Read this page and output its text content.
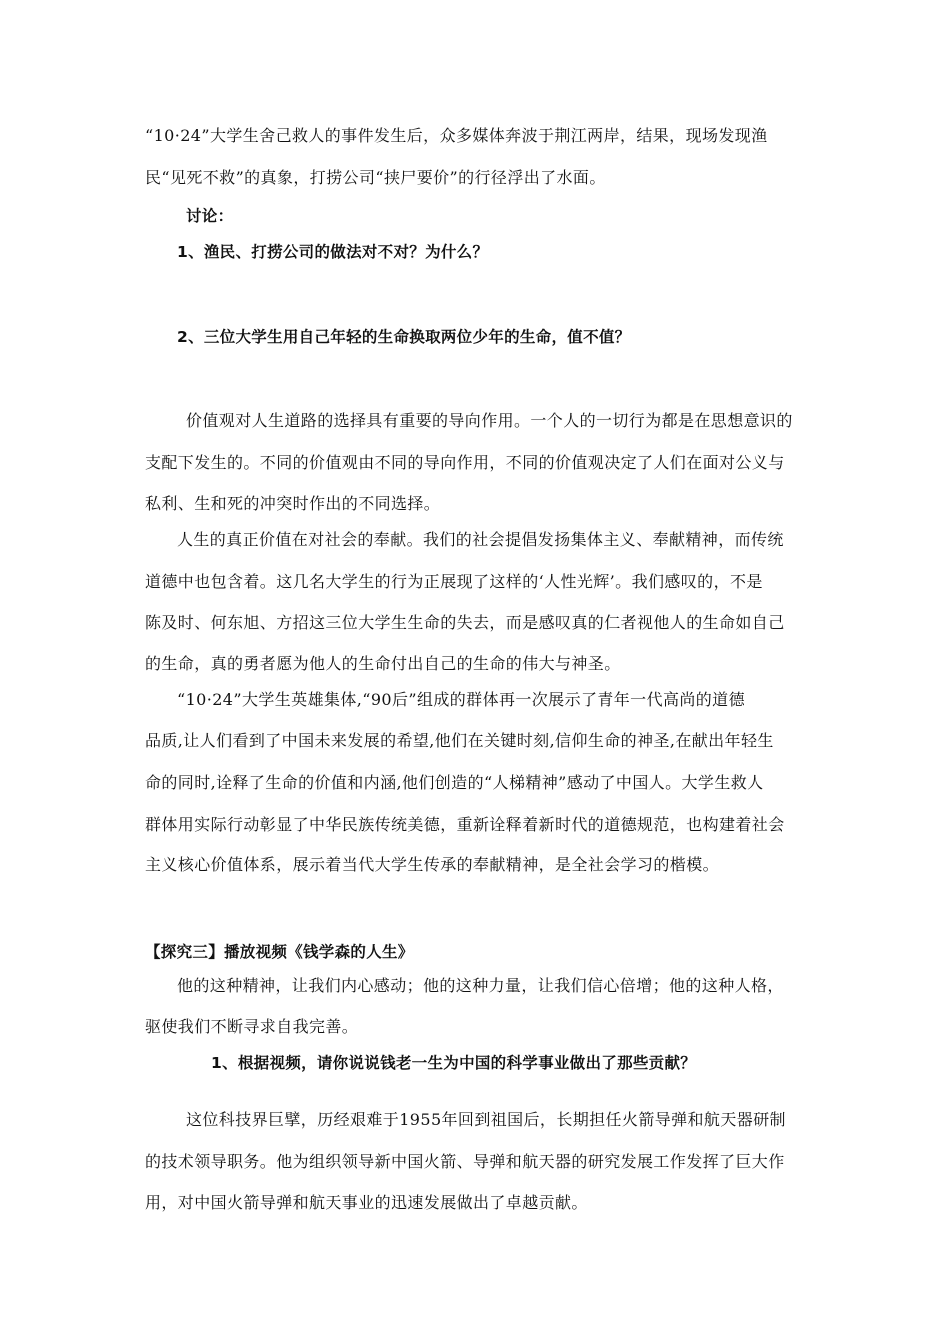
“10·24”大学生舍己救人的事件发生后，众多媒体奔波于荆江两岸，结果，现场发现渔
民“见死不救”的真象，打捞公司“挟尸要价”的行径浮出了水面。
讨论：
1、渔民、打捞公司的做法对不对？为什么？
2、三位大学生用自己年轻的生命换取两位少年的生命，值不值？
价值观对人生道路的选择具有重要的导向作用。一个人的一切行为都是在思想意识的
支配下发生的。不同的价值观由不同的导向作用，不同的价值观决定了人们在面对公义与
私利、生和死的冲突时作出的不同选择。
人生的真正价值在对社会的奉献。我们的社会提倡发扬集体主义、奉献精神，而传统
道德中也包含着。这几名大学生的行为正展现了这样的‘人性光辉’。我们感叹的，不是
陈及时、何东旭、方招这三位大学生生命的失去，而是感叹真的仁者视他人的生命如自己
的生命，真的勇者愿为他人的生命付出自己的生命的伟大与神圣。
“10·24”大学生英雄集体,“90后”组成的群体再一次展示了青年一代高尚的道德
品质,让人们看到了中国未来发展的希望,他们在关键时刻,信仰生命的神圣,在献出年轻生
命的同时,诠释了生命的价值和内涵,他们创造的“人梯精神”感动了中国人。大学生救人
群体用实际行动彰显了中华民族传统美德，重新诠释着新时代的道德规范，也构建着社会
主义核心价值体系，展示着当代大学生传承的奉献精神，是全社会学习的楷模。
【探究三】播放视频《钱学森的人生》
他的这种精神，让我们内心感动；他的这种力量，让我们信心倍增；他的这种人格，
驱使我们不断寻求自我完善。
1、根据视频，请你说说钱老一生为中国的科学事业做出了那些贡献？
这位科技界巨擘，历经艰难于1955年回到祖国后，长期担任火箭导弹和航天器研制
的技术领导职务。他为组织领导新中国火箭、导弹和航天器的研究发展工作发挥了巨大作
用，对中国火箭导弹和航天事业的迅速发展做出了卓越贡献。
